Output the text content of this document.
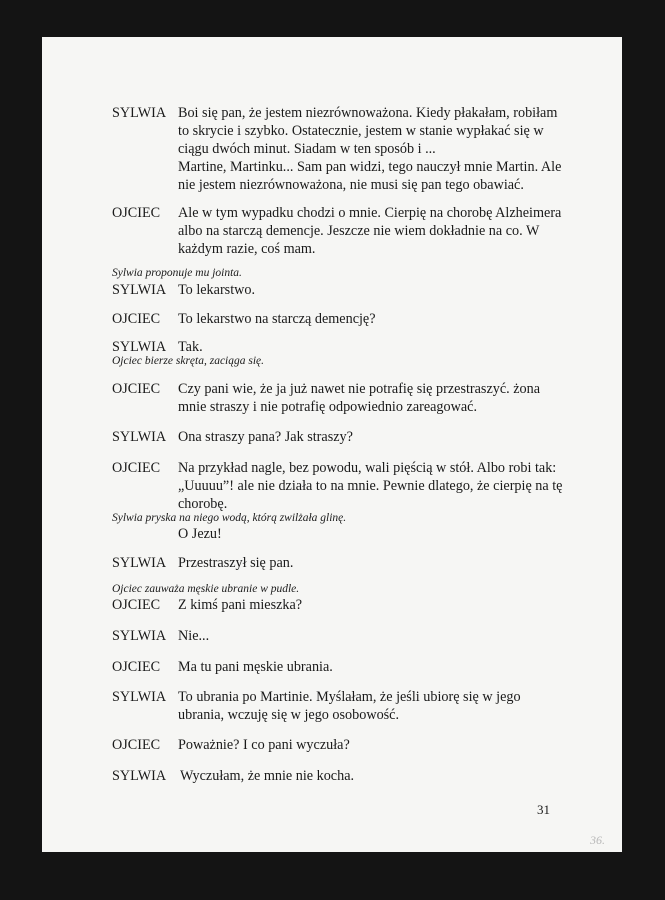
SYLWIA Boi się pan, że jestem niezrównoważona. Kiedy płakałam, robiłam
to skrycie i szybko. Ostatecznie, jestem w stanie wypłakać się w
ciągu dwóch minut. Siadam w ten sposób i ...
Martine, Martinku... Sam pan widzi, tego nauczył mnie Martin. Ale
nie jestem niezrównoważona, nie musi się pan tego obawiać.
OJCIEC Ale w tym wypadku chodzi o mnie. Cierpię na chorobę Alzheimera
albo na starczą demencje. Jeszcze nie wiem dokładnie na co. W
każdym razie, coś mam.
Sylwia proponuje mu jointa.
SYLWIA To lekarstwo.
OJCIEC To lekarstwo na starczą demencję?
SYLWIA Tak.
Ojciec bierze skręta, zaciąga się.
OJCIEC Czy pani wie, że ja już nawet nie potrafię się przestraszyć. żona
mnie straszy i nie potrafię odpowiednio zareagować.
SYLWIA Ona straszy pana? Jak straszy?
OJCIEC Na przykład nagle, bez powodu, wali pięścią w stół. Albo robi tak:
„Uuuuu”! ale nie działa to na mnie. Pewnie dlatego, że cierpię na tę
chorobę.
Sylwia pryska na niego wodą, którą zwilżała glinę.
O Jezu!
SYLWIA Przestraszył się pan.
Ojciec zauważa męskie ubranie w pudle.
OJCIEC Z kimś pani mieszka?
SYLWIA Nie...
OJCIEC Ma tu pani męskie ubrania.
SYLWIA To ubrania po Martinie. Myślałam, że jeśli ubiorę się w jego
ubrania, wczuję się w jego osobowość.
OJCIEC Poważnie? I co pani wyczuła?
SYLWIA Wyczułam, że mnie nie kocha.
31
36.
